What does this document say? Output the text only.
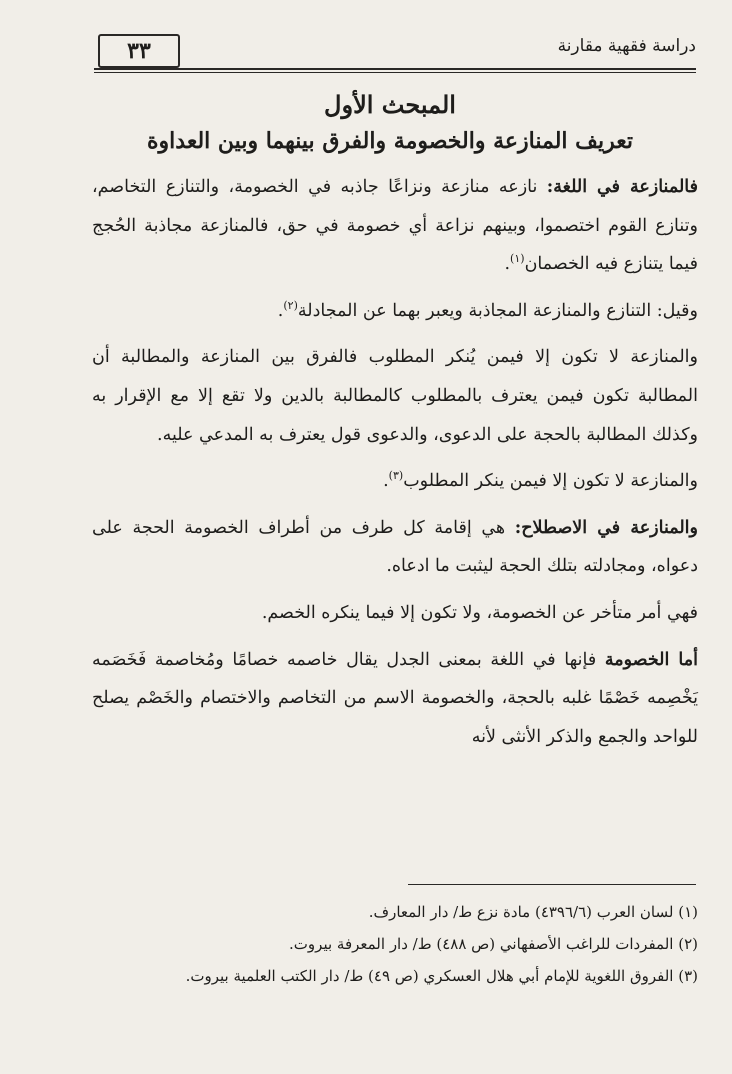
٣٣	دراسة فقهية مقارنة
المبحث الأول
تعريف المنازعة والخصومة والفرق بينهما وبين العداوة

فالمنازعة في اللغة: نازعه منازعة ونزاعًا جاذبه في الخصومة، والتنازع التخاصم، وتنازع القوم اختصموا، وبينهم نزاعة أي خصومة في حق، فالمنازعة مجاذبة الحُجج فيما يتنازع فيه الخصمان$^{(١)}$.

وقيل: التنازع والمنازعة المجاذبة ويعبر بهما عن المجادلة$^{(٢)}$.

والمنازعة لا تكون إلا فيمن يُنكر المطلوب فالفرق بين المنازعة والمطالبة أن المطالبة تكون فيمن يعترف بالمطلوب كالمطالبة بالدين ولا تقع إلا مع الإقرار به وكذلك المطالبة بالحجة على الدعوى، والدعوى قول يعترف به المدعي عليه.

والمنازعة لا تكون إلا فيمن ينكر المطلوب$^{(٣)}$.

والمنازعة في الاصطلاح: هي إقامة كل طرف من أطراف الخصومة الحجة على دعواه، ومجادلته بتلك الحجة ليثبت ما ادعاه.

فهي أمر متأخر عن الخصومة، ولا تكون إلا فيما ينكره الخصم.

أما الخصومة فإنها في اللغة بمعنى الجدل يقال خاصمه خصامًا ومُخاصمة فَخَصَمه يَخْصِمه خَصْمًا غلبه بالحجة، والخصومة الاسم من التخاصم والاختصام والخَصْم يصلح للواحد والجمع والذكر الأنثى لأنه

(١) لسان العرب (٤٣٩٦/٦) مادة نزع ط/ دار المعارف.
(٢) المفردات للراغب الأصفهاني (ص ٤٨٨) ط/ دار المعرفة بيروت.
(٣) الفروق اللغوية للإمام أبي هلال العسكري (ص ٤٩) ط/ دار الكتب العلمية بيروت.
